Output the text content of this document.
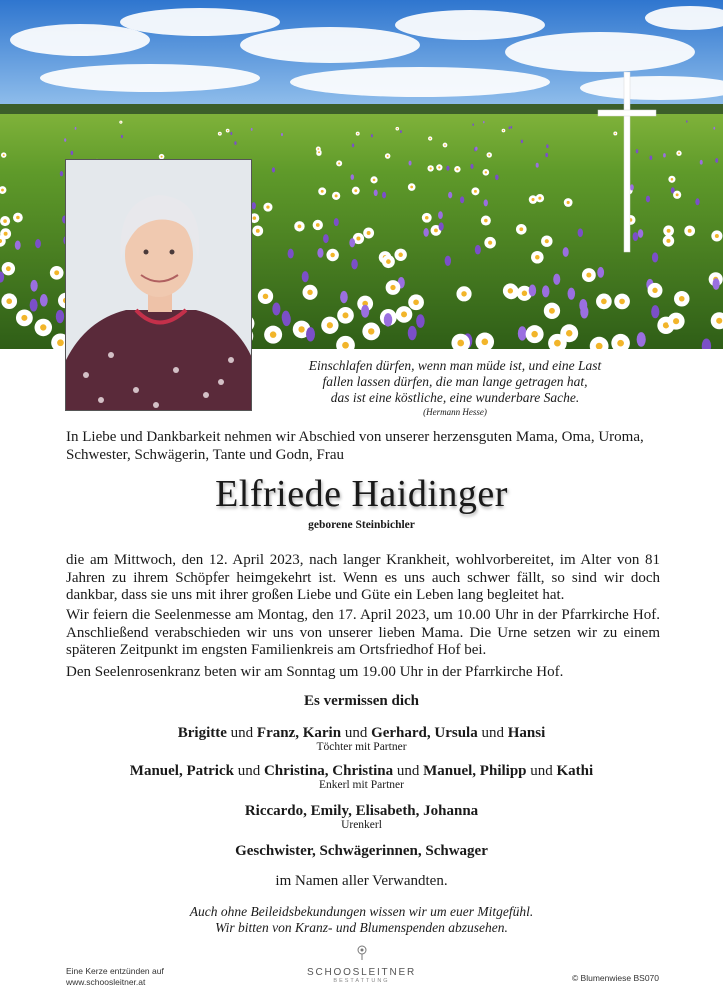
Einschlafen dürfen, wenn man müde ist, und eine Last
fallen lassen dürfen, die man lange getragen hat,
das ist eine köstliche, eine wunderbare Sache.
(Hermann Hesse)
In Liebe und Dankbarkeit nehmen wir Abschied von unserer herzensguten Mama, Oma, Uroma, Schwester, Schwägerin, Tante und Godn, Frau
Elfriede Haidinger
geborene Steinbichler
die am Mittwoch, den 12. April 2023, nach langer Krankheit, wohlvorbereitet, im Alter von 81 Jahren zu ihrem Schöpfer heimgekehrt ist. Wenn es uns auch schwer fällt, so sind wir doch dankbar, dass sie uns mit ihrer großen Liebe und Güte ein Leben lang begleitet hat.
Wir feiern die Seelenmesse am Montag, den 17. April 2023, um 10.00 Uhr in der Pfarrkirche Hof. Anschließend verabschieden wir uns von unserer lieben Mama. Die Urne setzen wir zu einem späteren Zeitpunkt im engsten Familienkreis am Ortsfriedhof Hof bei.
Den Seelenrosenkranz beten wir am Sonntag um 19.00 Uhr in der Pfarrkirche Hof.
Es vermissen dich
Brigitte und Franz, Karin und Gerhard, Ursula und Hansi
Töchter mit Partner
Manuel, Patrick und Christina, Christina und Manuel, Philipp und Kathi
Enkerl mit Partner
Riccardo, Emily, Elisabeth, Johanna
Urenkerl
Geschwister, Schwägerinnen, Schwager
im Namen aller Verwandten.
Auch ohne Beileidsbekundungen wissen wir um euer Mitgefühl.
Wir bitten von Kranz- und Blumenspenden abzusehen.
Eine Kerze entzünden auf
www.schoosleitner.at
SCHOOSLEITNER
BESTATTUNG	© Blumenwiese BS070
